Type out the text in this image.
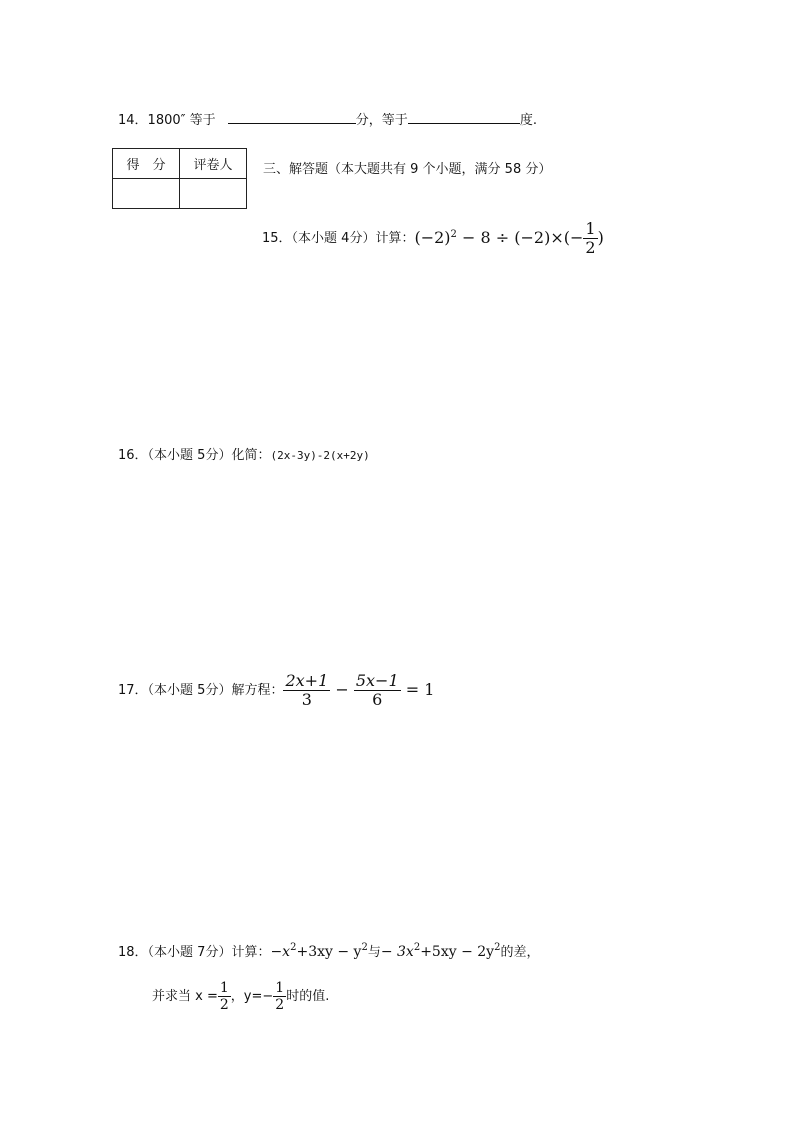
14．1800″ 等于	分，等于	度.
得　分	评卷人
	三、解答题（本大题共有 9 个小题，满分 58 分）
15．（本小题 4分）计算：$(-2)^2 - 8 \div (-2)\times(- \frac{1}{2}$ )
16．（本小题 5分）化简：(2x-3y)-2(x+2y)
17．（本小题 5分）解方程： $\frac{2x+1}{3} - \frac{5x-1}{6} = 1$
18．（本小题 7分）计算：$-x^2+3xy - y^2$与− $3x^2+5xy - 2y^2$的差，
并求当 $x = \frac{1}{2}$ ，$y=- \frac{1}{2}$ 时的值.
